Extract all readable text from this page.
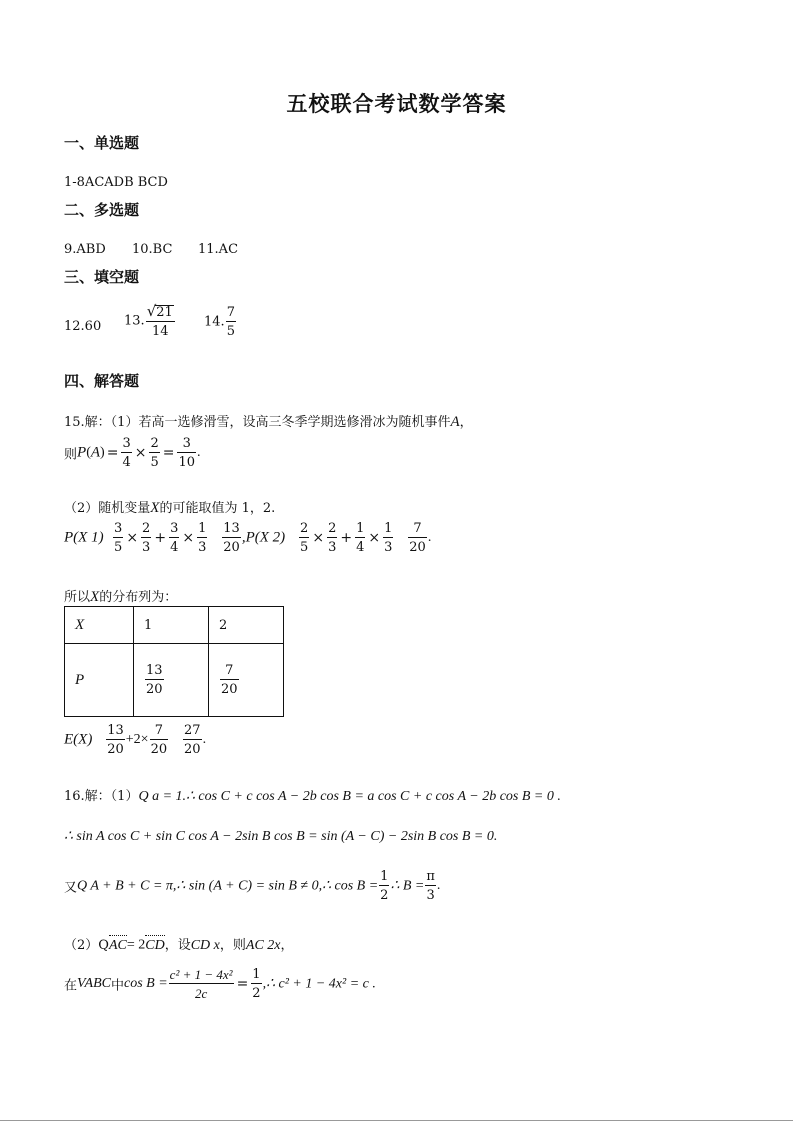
五校联合考试数学答案
一、单选题
1-8ACADB BCD
二、多选题
9.ABD 10.BC 11.AC
三、填空题
12.60 13. $\frac{√21}{14} 14$. $\frac{7}{5}$
四、解答题
15.解：（1）若高一选修滑雪，设高三冬季学期选修滑冰为随机事件A，
则$P(A) = \frac{3}{4} \times \frac{2}{5} = \frac{3}{10}$ .
（2）随机变量X的可能取值为 1，2.
P(X $1) \frac{3}{5} \times \frac{2}{3} + \frac{3}{4} \times \frac{1}{3}$
$\frac{13}{20} ,P(X$ $2) \frac{2}{5} \times \frac{2}{3} + \frac{1}{4} \times \frac{1}{3}$
$\frac{7}{20}$ .
所以X的分布列为：
X	1	2
P	$\frac{13}{20}$	$\frac{7}{20}$
$E(X) \frac{13}{20} +2\times \frac{7}{20}$
$\frac{27}{20}$ .
16.解：（1）Q a = 1.∴ cos C + c cos A − 2b cos B = a cos C + c cos A − 2b cos B = 0 .
∴ sin A cos C + sin C cos A − 2sin B cos B = sin (A − C) − 2sin B cos B = 0.
又Q A + B + C = π,∴ sin (A + C) = sin B ≠ 0,∴ $\cos B = \frac{1}{2}$ ∴ $B = \frac{\pi}{3}$ .
（2）QAC= 2CD，设CD x，则AC 2x，
在VABC中$\cos B = \frac{\text{c² + 1 − 4x²}}{2c} = \frac{1}{2}$ ,∴ c² + 1 − 4x² = c .
